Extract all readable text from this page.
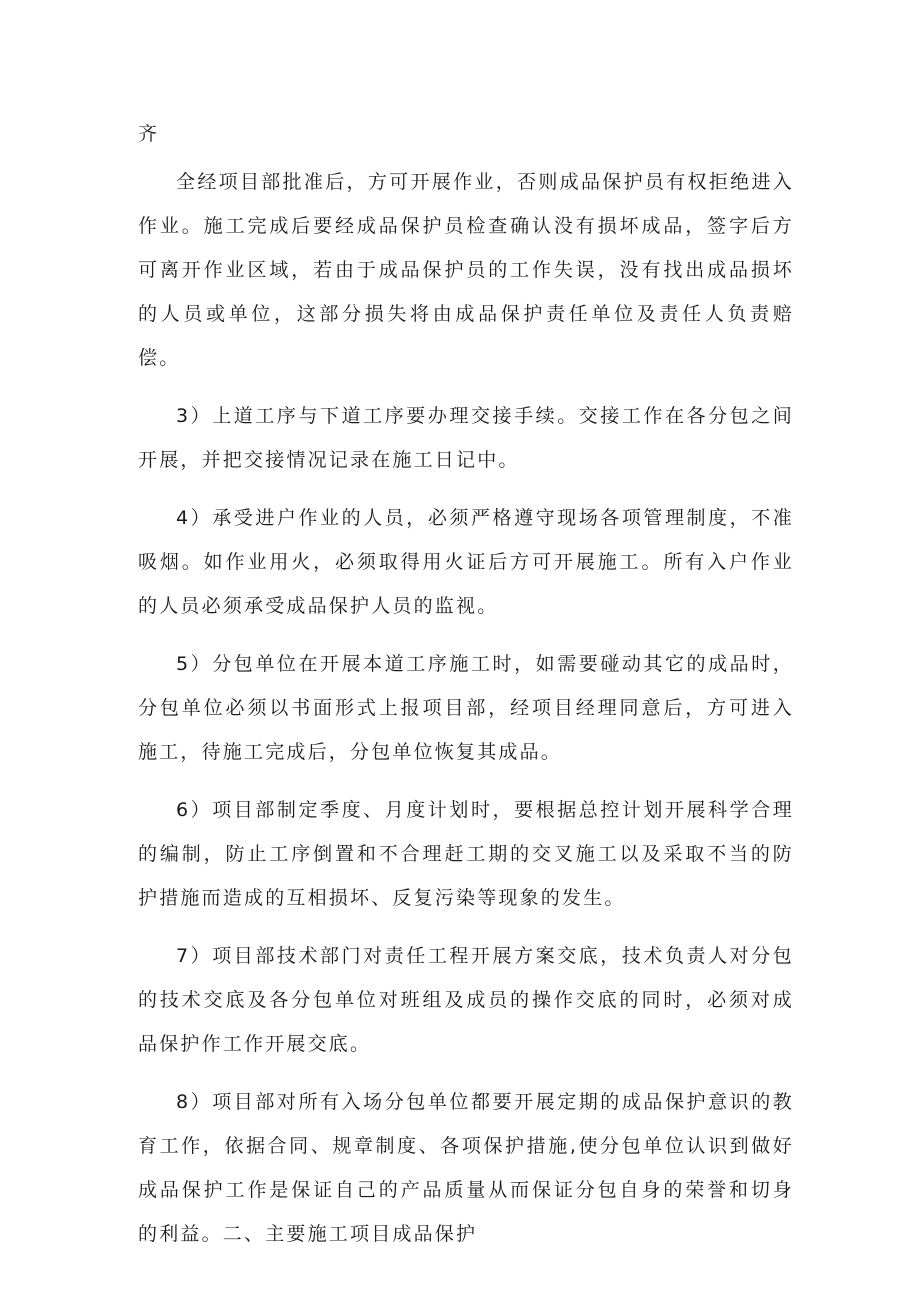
齐

全经项目部批准后，方可开展作业，否则成品保护员有权拒绝进入作业。施工完成后要经成品保护员检查确认没有损坏成品，签字后方可离开作业区域，若由于成品保护员的工作失误，没有找出成品损坏的人员或单位，这部分损失将由成品保护责任单位及责任人负责赔偿。

3）上道工序与下道工序要办理交接手续。交接工作在各分包之间开展，并把交接情况记录在施工日记中。

4）承受进户作业的人员，必须严格遵守现场各项管理制度，不准吸烟。如作业用火，必须取得用火证后方可开展施工。所有入户作业的人员必须承受成品保护人员的监视。

5）分包单位在开展本道工序施工时，如需要碰动其它的成品时，分包单位必须以书面形式上报项目部，经项目经理同意后，方可进入施工，待施工完成后，分包单位恢复其成品。

6）项目部制定季度、月度计划时，要根据总控计划开展科学合理的编制，防止工序倒置和不合理赶工期的交叉施工以及采取不当的防护措施而造成的互相损坏、反复污染等现象的发生。

7）项目部技术部门对责任工程开展方案交底，技术负责人对分包的技术交底及各分包单位对班组及成员的操作交底的同时，必须对成品保护作工作开展交底。

8）项目部对所有入场分包单位都要开展定期的成品保护意识的教育工作，依据合同、规章制度、各项保护措施,使分包单位认识到做好成品保护工作是保证自己的产品质量从而保证分包自身的荣誉和切身的利益。二、主要施工项目成品保护
